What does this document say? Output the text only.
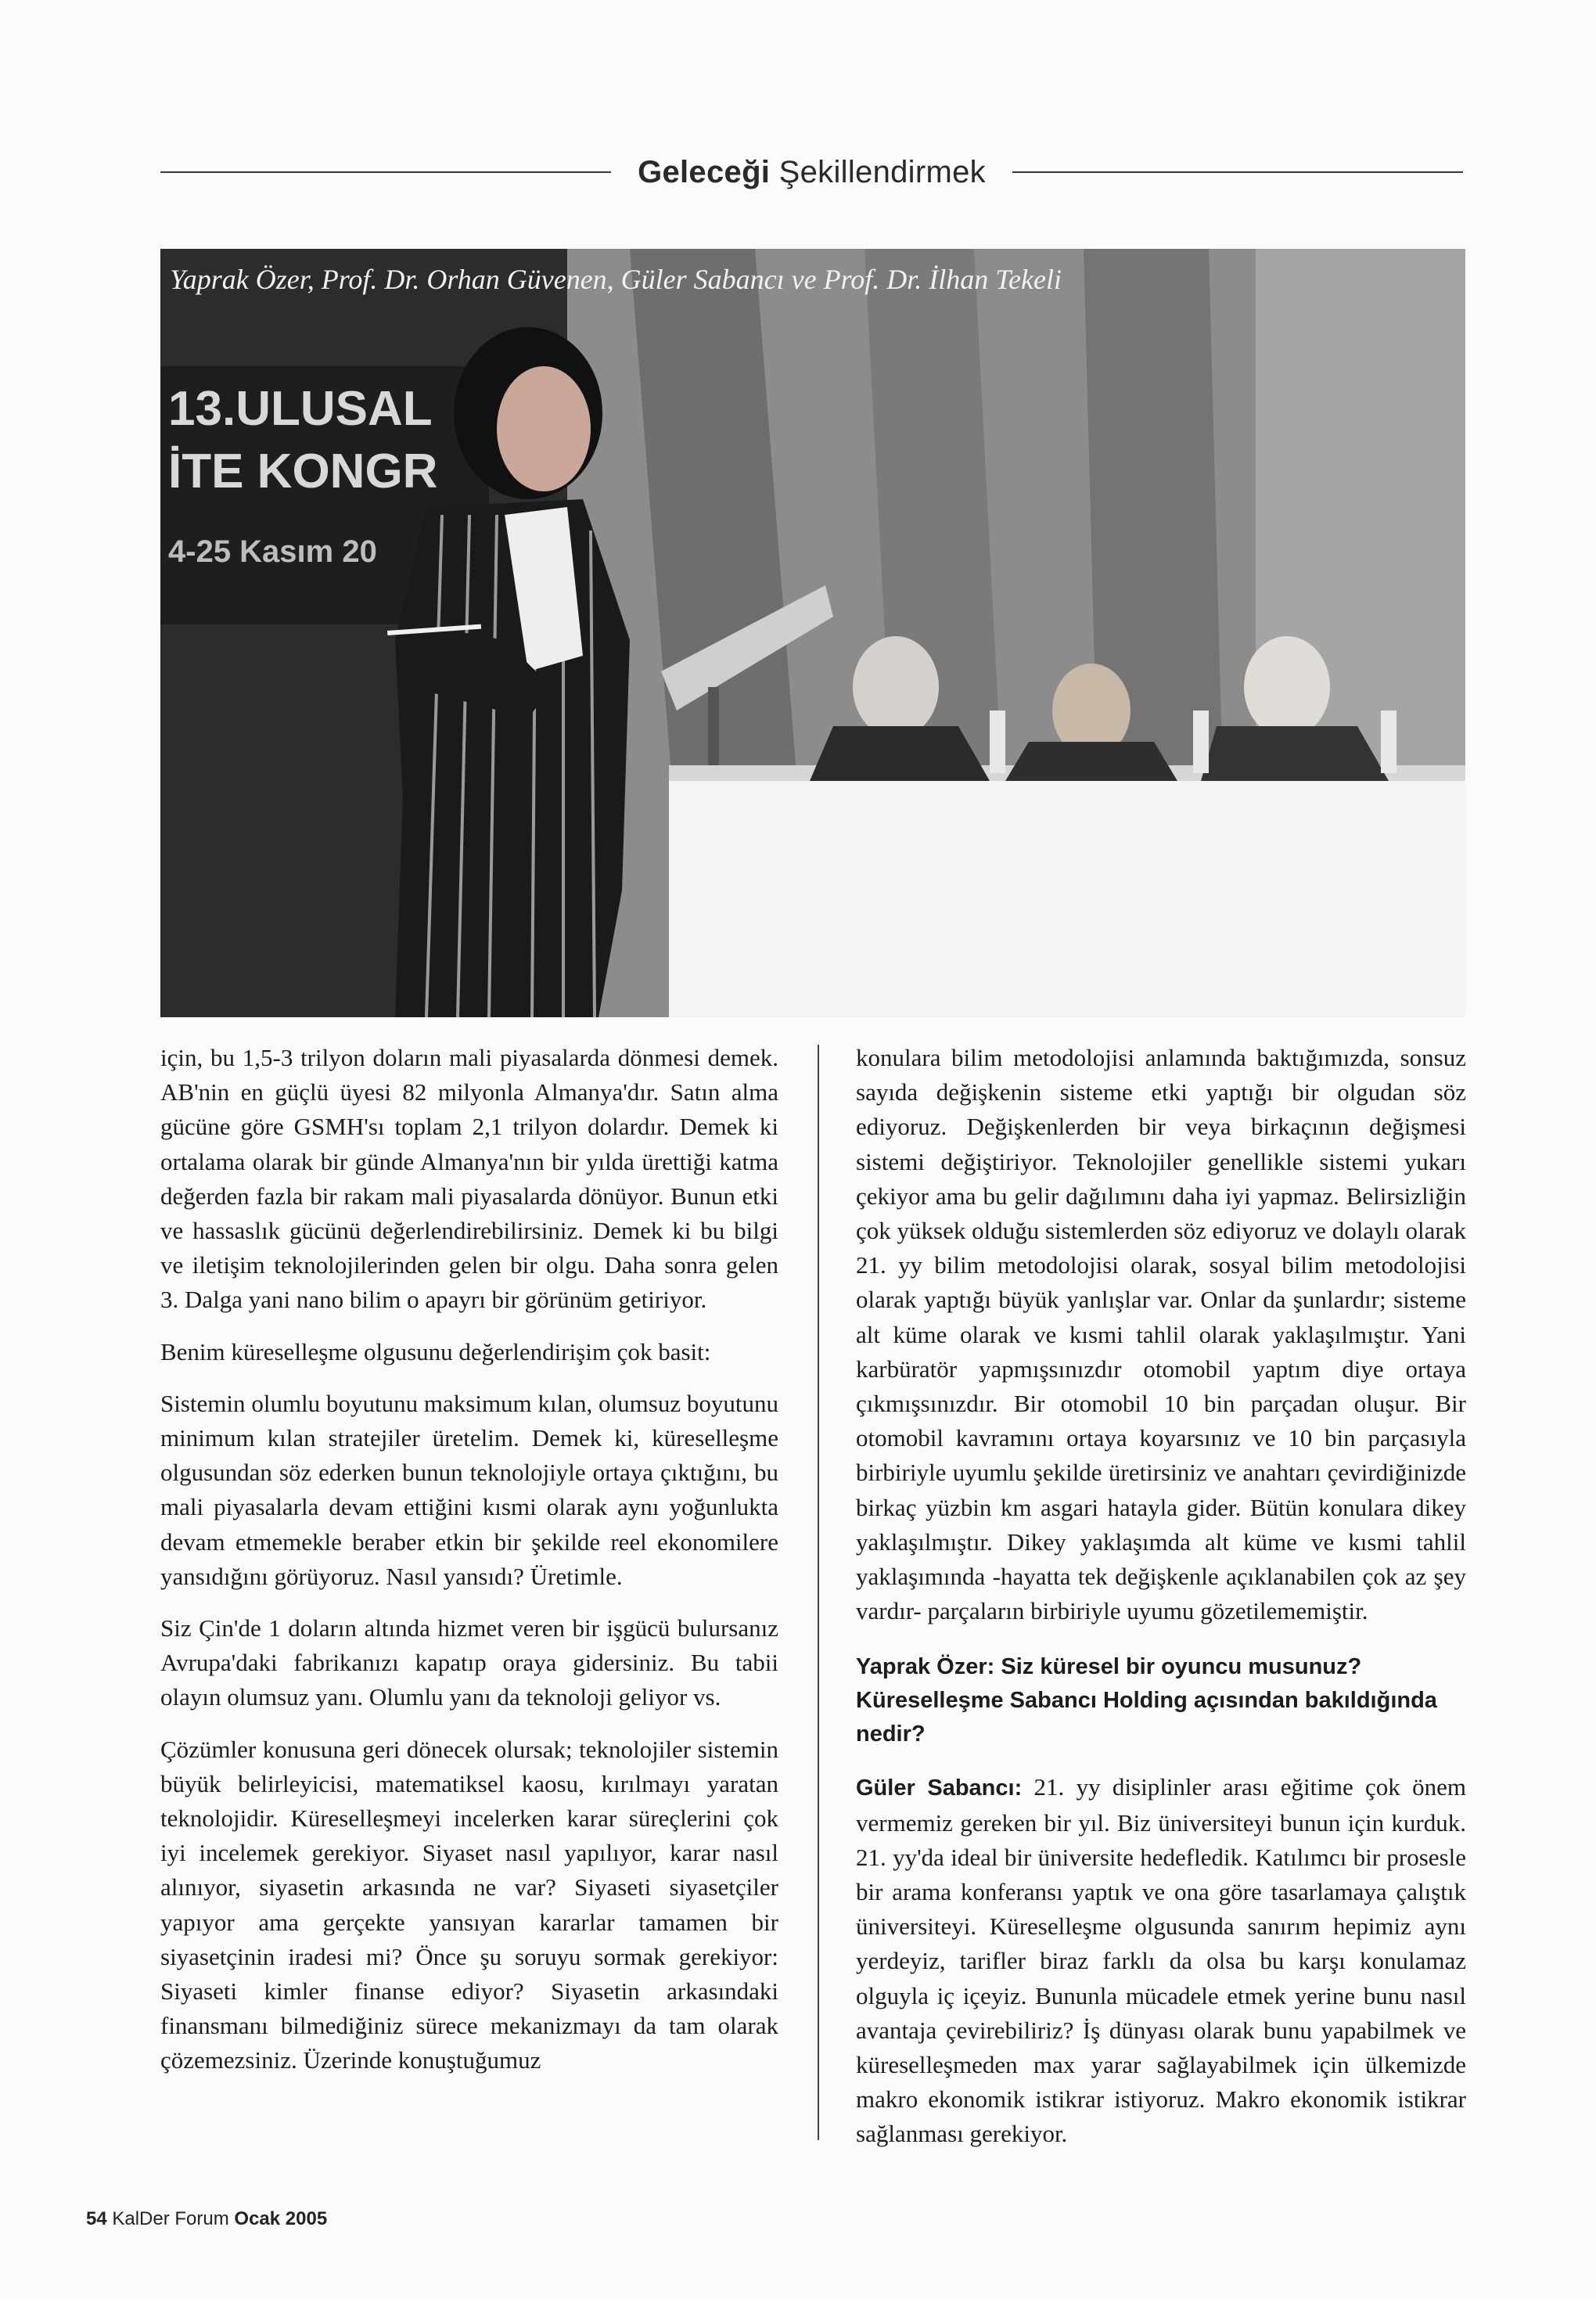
Geleceği Şekillendirmek
13.ULUSAL
İTE KONGR
4-25 Kasım 20
Yaprak Özer, Prof. Dr. Orhan Güvenen, Güler Sabancı ve Prof. Dr. İlhan Tekeli

için, bu 1,5-3 trilyon doların mali piyasalarda dönmesi demek. AB'nin en güçlü üyesi 82 milyonla Almanya'dır. Satın alma gücüne göre GSMH'sı toplam 2,1 trilyon dolardır. Demek ki ortalama olarak bir günde Almanya'nın bir yılda ürettiği katma değerden fazla bir rakam mali piyasalarda dönüyor. Bunun etki ve hassaslık gücünü değerlendirebilirsiniz. Demek ki bu bilgi ve iletişim teknolojilerinden gelen bir olgu. Daha sonra gelen 3. Dalga yani nano bilim o apayrı bir görünüm getiriyor.

Benim küreselleşme olgusunu değerlendirişim çok basit:

Sistemin olumlu boyutunu maksimum kılan, olumsuz boyutunu minimum kılan stratejiler üretelim. Demek ki, küreselleşme olgusundan söz ederken bunun teknolojiyle ortaya çıktığını, bu mali piyasalarla devam ettiğini kısmi olarak aynı yoğunlukta devam etmemekle beraber etkin bir şekilde reel ekonomilere yansıdığını görüyoruz. Nasıl yansıdı? Üretimle.

Siz Çin'de 1 doların altında hizmet veren bir işgücü bulursanız Avrupa'daki fabrikanızı kapatıp oraya gidersiniz. Bu tabii olayın olumsuz yanı. Olumlu yanı da teknoloji geliyor vs.

Çözümler konusuna geri dönecek olursak; teknolojiler sistemin büyük belirleyicisi, matematiksel kaosu, kırılmayı yaratan teknolojidir. Küreselleşmeyi incelerken karar süreçlerini çok iyi incelemek gerekiyor. Siyaset nasıl yapılıyor, karar nasıl alınıyor, siyasetin arkasında ne var? Siyaseti siyasetçiler yapıyor ama gerçekte yansıyan kararlar tamamen bir siyasetçinin iradesi mi? Önce şu soruyu sormak gerekiyor: Siyaseti kimler finanse ediyor? Siyasetin arkasındaki finansmanı bilmediğiniz sürece mekanizmayı da tam olarak çözemezsiniz. Üzerinde konuştuğumuz

konulara bilim metodolojisi anlamında baktığımızda, sonsuz sayıda değişkenin sisteme etki yaptığı bir olgudan söz ediyoruz. Değişkenlerden bir veya birkaçının değişmesi sistemi değiştiriyor. Teknolojiler genellikle sistemi yukarı çekiyor ama bu gelir dağılımını daha iyi yapmaz. Belirsizliğin çok yüksek olduğu sistemlerden söz ediyoruz ve dolaylı olarak 21. yy bilim metodolojisi olarak, sosyal bilim metodolojisi olarak yaptığı büyük yanlışlar var. Onlar da şunlardır; sisteme alt küme olarak ve kısmi tahlil olarak yaklaşılmıştır. Yani karbüratör yapmışsınızdır otomobil yaptım diye ortaya çıkmışsınızdır. Bir otomobil 10 bin parçadan oluşur. Bir otomobil kavramını ortaya koyarsınız ve 10 bin parçasıyla birbiriyle uyumlu şekilde üretirsiniz ve anahtarı çevirdiğinizde birkaç yüzbin km asgari hatayla gider. Bütün konulara dikey yaklaşılmıştır. Dikey yaklaşımda alt küme ve kısmi tahlil yaklaşımında -hayatta tek değişkenle açıklanabilen çok az şey vardır- parçaların birbiriyle uyumu gözetilememiştir.

Yaprak Özer: Siz küresel bir oyuncu musunuz? Küreselleşme Sabancı Holding açısından bakıldığında nedir?

Güler Sabancı: 21. yy disiplinler arası eğitime çok önem vermemiz gereken bir yıl. Biz üniversiteyi bunun için kurduk. 21. yy'da ideal bir üniversite hedefledik. Katılımcı bir prosesle bir arama konferansı yaptık ve ona göre tasarlamaya çalıştık üniversiteyi. Küreselleşme olgusunda sanırım hepimiz aynı yerdeyiz, tarifler biraz farklı da olsa bu karşı konulamaz olguyla iç içeyiz. Bununla mücadele etmek yerine bunu nasıl avantaja çevirebiliriz? İş dünyası olarak bunu yapabilmek ve küreselleşmeden max yarar sağlayabilmek için ülkemizde makro ekonomik istikrar istiyoruz. Makro ekonomik istikrar sağlanması gerekiyor.

54 KalDer Forum Ocak 2005
